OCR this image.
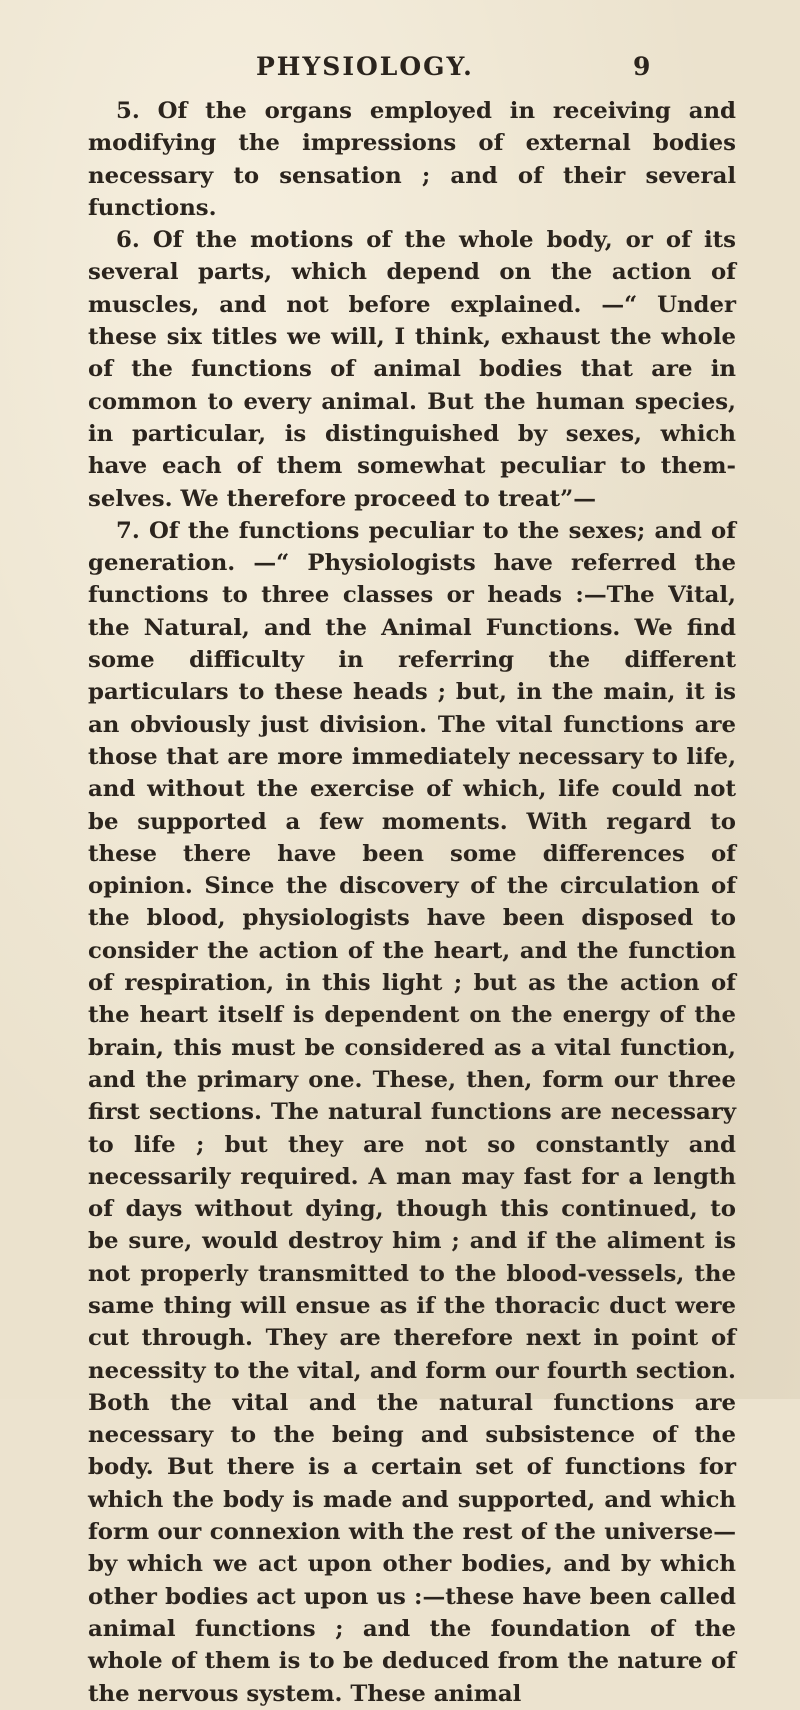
PHYSIOLOGY.	9

5. Of the organs employed in receiving and modifying the impressions of external bodies necessary to sensation ; and of their several functions.

6. Of the motions of the whole body, or of its several parts, which depend on the action of muscles, and not before explained. —“ Under these six titles we will, I think, exhaust the whole of the functions of animal bodies that are in common to every animal. But the human species, in particular, is distinguished by sexes, which have each of them somewhat peculiar to themselves. We therefore proceed to treat”—

7. Of the functions peculiar to the sexes; and of generation. —“ Physiologists have referred the functions to three classes or heads :—The Vital, the Natural, and the Animal Functions. We find some difficulty in referring the different particulars to these heads ; but, in the main, it is an obviously just division. The vital functions are those that are more immediately necessary to life, and without the exercise of which, life could not be supported a few moments. With regard to these there have been some differences of opinion. Since the discovery of the circulation of the blood, physiologists have been disposed to consider the action of the heart, and the function of respiration, in this light ; but as the action of the heart itself is dependent on the energy of the brain, this must be considered as a vital function, and the primary one. These, then, form our three first sections. The natural functions are necessary to life ; but they are not so constantly and necessarily required. A man may fast for a length of days without dying, though this continued, to be sure, would destroy him ; and if the aliment is not properly transmitted to the blood-vessels, the same thing will ensue as if the thoracic duct were cut through. They are therefore next in point of necessity to the vital, and form our fourth section. Both the vital and the natural functions are necessary to the being and subsistence of the body. But there is a certain set of functions for which the body is made and supported, and which form our connexion with the rest of the universe—by which we act upon other bodies, and by which other bodies act upon us :—these have been called animal functions ; and the foundation of the whole of them is to be deduced from the nature of the nervous system. These animal
